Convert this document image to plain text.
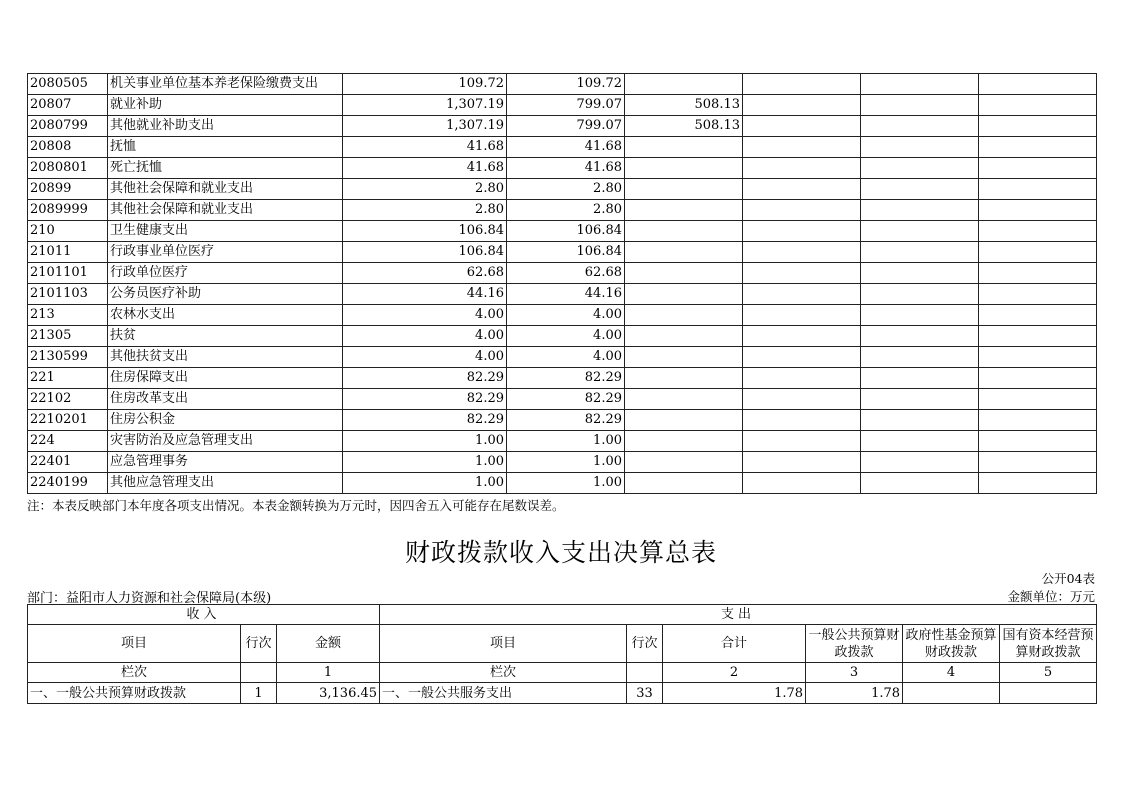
2080505	机关事业单位基本养老保险缴费支出	109.72	109.72				
20807	就业补助	1,307.19	799.07	508.13			
2080799	其他就业补助支出	1,307.19	799.07	508.13			
20808	抚恤	41.68	41.68				
2080801	死亡抚恤	41.68	41.68				
20899	其他社会保障和就业支出	2.80	2.80				
2089999	其他社会保障和就业支出	2.80	2.80				
210	卫生健康支出	106.84	106.84				
21011	行政事业单位医疗	106.84	106.84				
2101101	行政单位医疗	62.68	62.68				
2101103	公务员医疗补助	44.16	44.16				
213	农林水支出	4.00	4.00				
21305	扶贫	4.00	4.00				
2130599	其他扶贫支出	4.00	4.00				
221	住房保障支出	82.29	82.29				
22102	住房改革支出	82.29	82.29				
2210201	住房公积金	82.29	82.29				
224	灾害防治及应急管理支出	1.00	1.00				
22401	应急管理事务	1.00	1.00				
2240199	其他应急管理支出	1.00	1.00				
注：本表反映部门本年度各项支出情况。本表金额转换为万元时，因四舍五入可能存在尾数误差。
财政拨款收入支出决算总表
公开04表
部门：益阳市人力资源和社会保障局(本级)	金额单位：万元
收入			支出					
项目	行次	金额	项目	行次	合计	一般公共预算财政拨款	政府性基金预算财政拨款	国有资本经营预算财政拨款
栏次		1	栏次		2	3	4	5
一、一般公共预算财政拨款	1	3,136.45	一、一般公共服务支出	33	1.78	1.78		
